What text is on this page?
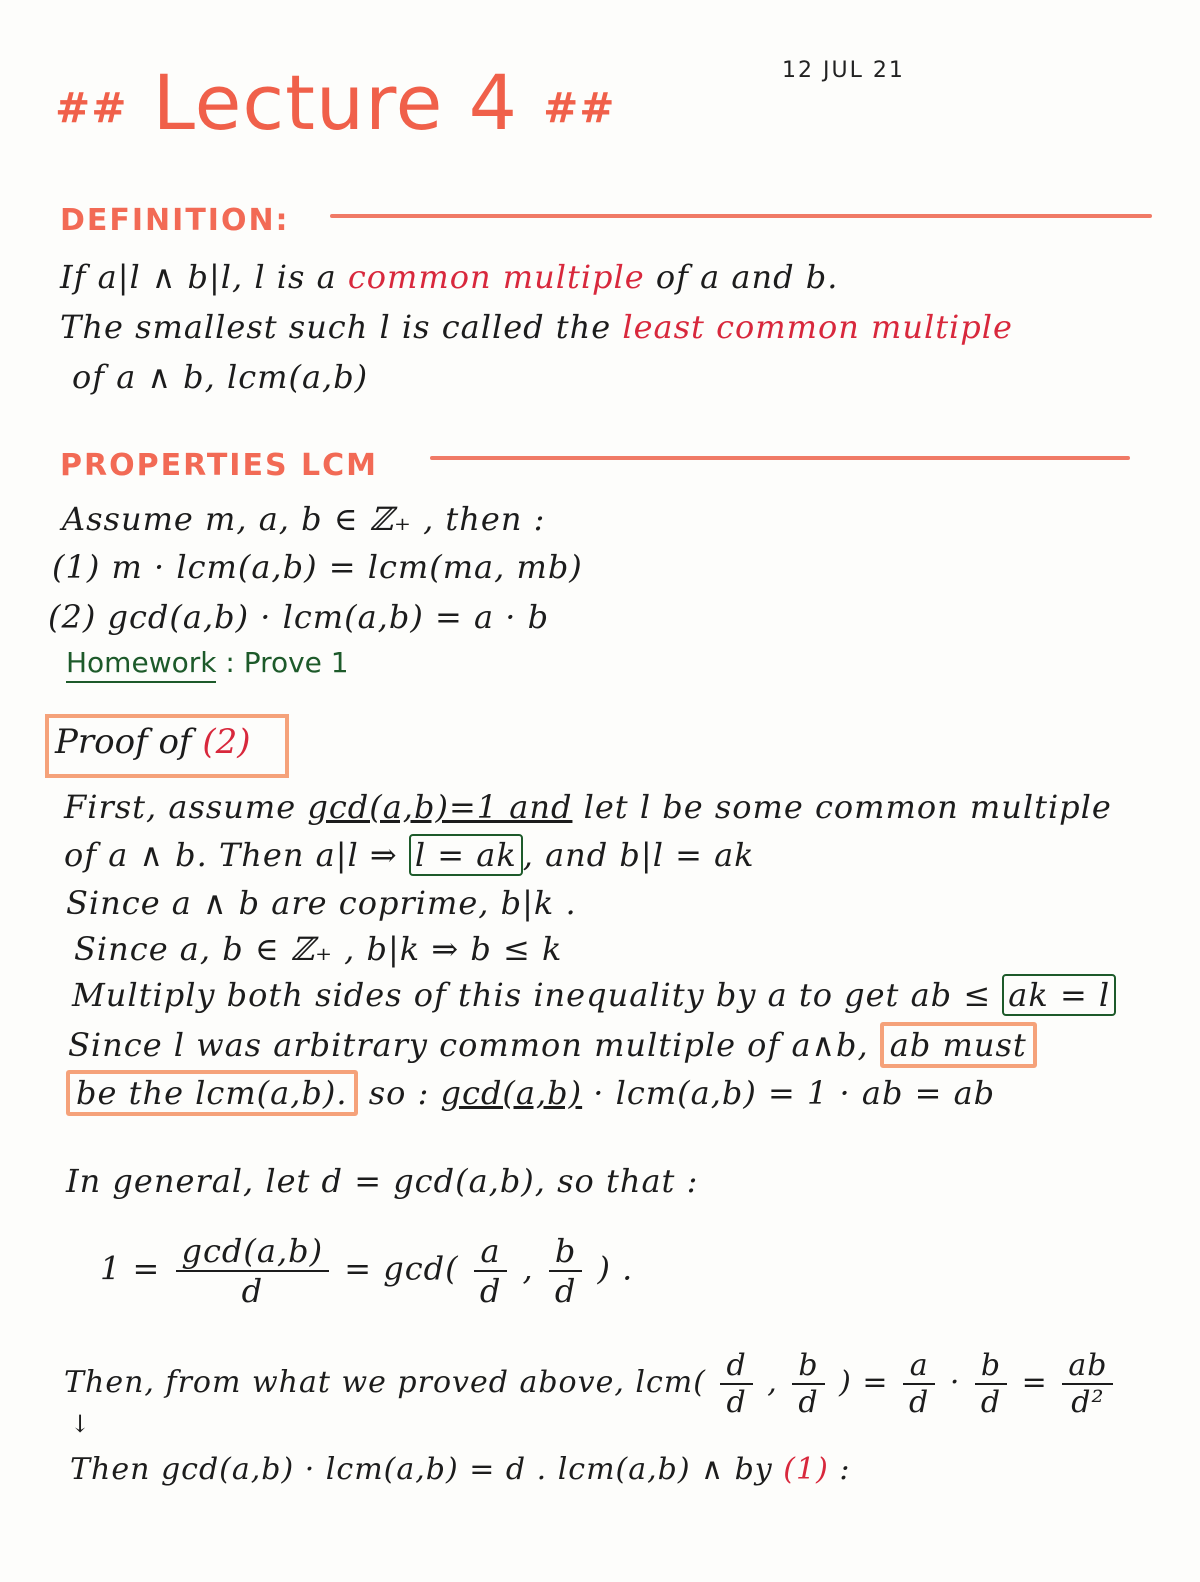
## Lecture 4 ##
12 JUL 21
DEFINITION:
If a|l ∧ b|l, l is a common multiple of a and b.
The smallest such l is called the least common multiple
of a ∧ b, lcm(a,b)
PROPERTIES LCM
Assume m, a, b ∈ ℤ₊ , then :
(1) m · lcm(a,b) = lcm(ma, mb)
(2) gcd(a,b) · lcm(a,b) = a · b
Homework : Prove 1
Proof of (2)
First, assume gcd(a,b)=1 and let l be some common multiple
of a ∧ b. Then a|l ⇒ l = ak , and b|l = ak
Since a ∧ b are coprime, b|k .
Since a, b ∈ ℤ₊ , b|k ⇒ b ≤ k
Multiply both sides of this inequality by a to get ab ≤ ak = l
Since l was arbitrary common multiple of a∧b, ab must
be the lcm(a,b). so : gcd(a,b) · lcm(a,b) = 1 · ab = ab
In general, let d = gcd(a,b), so that :
$1 = \frac{\gcd(a,b)}{d} = \gcd( \frac{a}{d}$ , $\frac{b}{d}$ ) .
Then, from what we proved above, $lcm( \frac{d}{d}$ , $\frac{b}{d}$ ) = $\frac{a}{d} \cdot \frac{b}{d} = \frac{ab}{\text{d²}}$
↓
Then gcd(a,b) · lcm(a,b) = d . lcm(a,b) ∧ by (1) :
